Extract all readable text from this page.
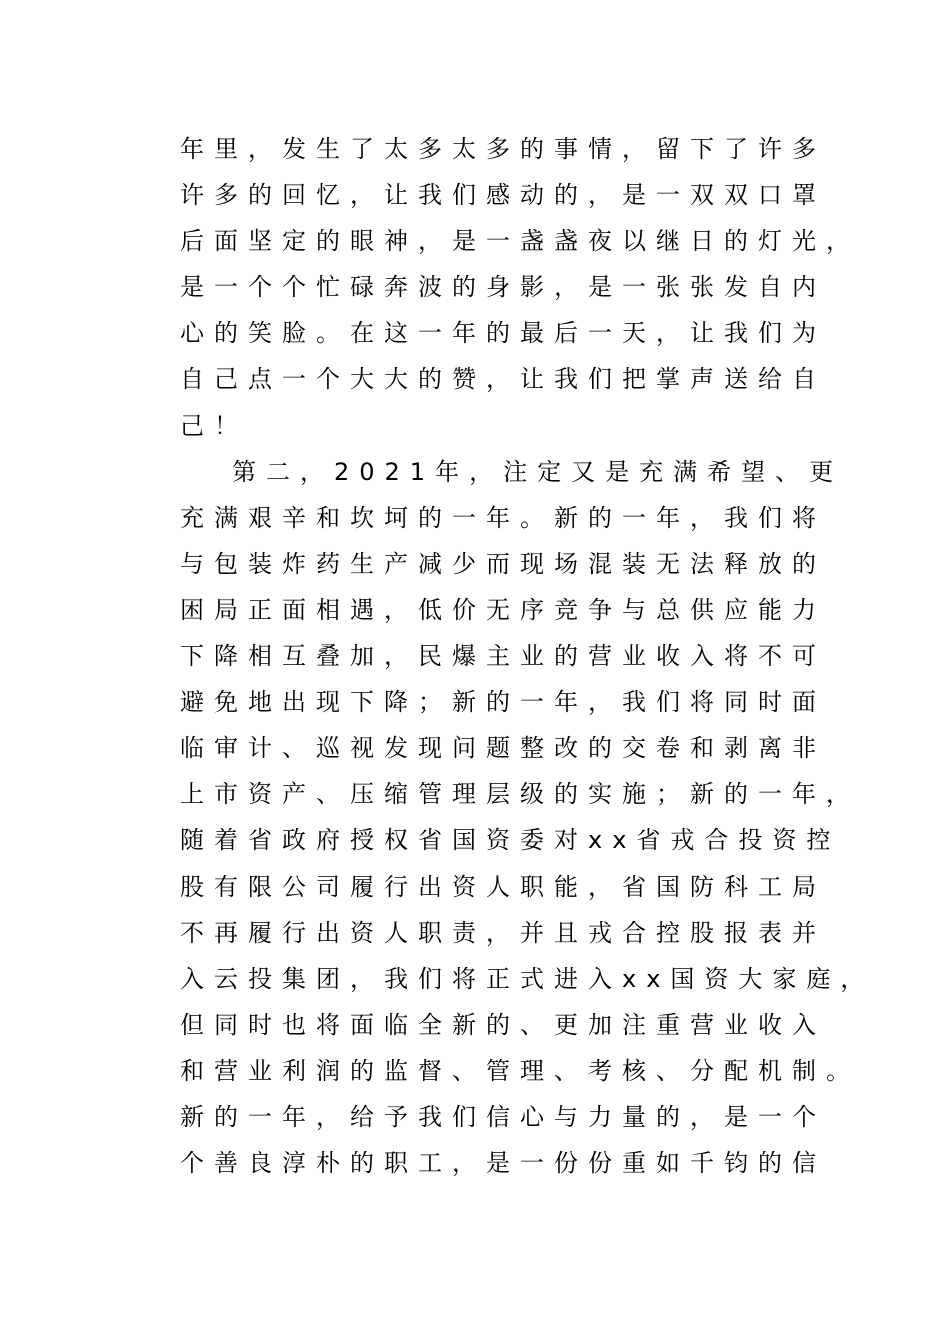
年里，发生了太多太多的事情，留下了许多
许多的回忆，让我们感动的，是一双双口罩
后面坚定的眼神，是一盏盏夜以继日的灯光，
是一个个忙碌奔波的身影，是一张张发自内
心的笑脸。在这一年的最后一天，让我们为
自己点一个大大的赞，让我们把掌声送给自
己！
第二，2021年，注定又是充满希望、更
充满艰辛和坎坷的一年。新的一年，我们将
与包装炸药生产减少而现场混装无法释放的
困局正面相遇，低价无序竞争与总供应能力
下降相互叠加，民爆主业的营业收入将不可
避免地出现下降；新的一年，我们将同时面
临审计、巡视发现问题整改的交卷和剥离非
上市资产、压缩管理层级的实施；新的一年，
随着省政府授权省国资委对xx省戎合投资控
股有限公司履行出资人职能，省国防科工局
不再履行出资人职责，并且戎合控股报表并
入云投集团，我们将正式进入xx国资大家庭，
但同时也将面临全新的、更加注重营业收入
和营业利润的监督、管理、考核、分配机制。
新的一年，给予我们信心与力量的，是一个
个善良淳朴的职工，是一份份重如千钧的信
